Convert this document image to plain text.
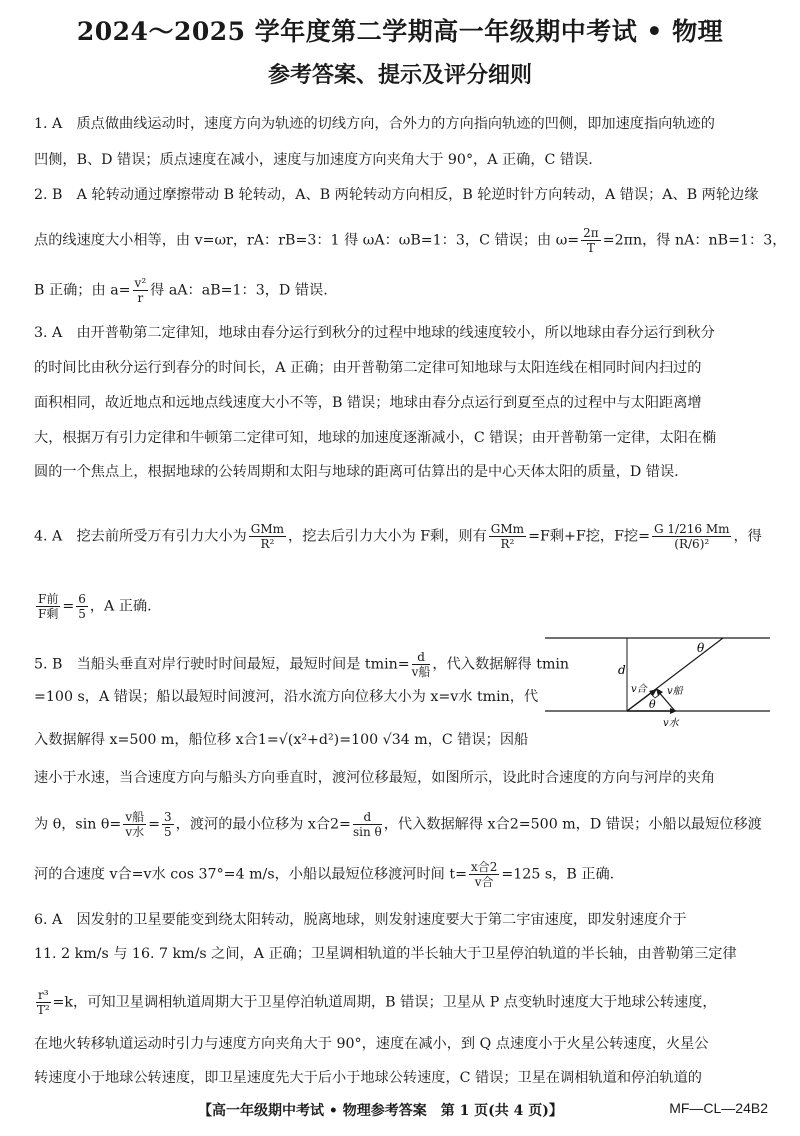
2024～2025 学年度第二学期高一年级期中考试 • 物理
参考答案、提示及评分细则
1. A　质点做曲线运动时，速度方向为轨迹的切线方向，合外力的方向指向轨迹的凹侧，即加速度指向轨迹的
凹侧，B、D 错误；质点速度在减小，速度与加速度方向夹角大于 90°，A 正确，C 错误.
2. B　A 轮转动通过摩擦带动 B 轮转动，A、B 两轮转动方向相反，B 轮逆时针方向转动，A 错误；A、B 两轮边缘
点的线速度大小相等，由 v=ωr，rA：rB=3：1 得 ωA：ωB=1：3，C 错误；由 $\omega= \frac{2\pi}{T} =2\pi n$，得 nA：nB=1：3，
B 正确；由 $a= \frac{\text{v²}}{r}$ 得 aA：aB=1：3，D 错误.
3. A　由开普勒第二定律知，地球由春分运行到秋分的过程中地球的线速度较小，所以地球由春分运行到秋分
的时间比由秋分运行到春分的时间长，A 正确；由开普勒第二定律可知地球与太阳连线在相同时间内扫过的
面积相同，故近地点和远地点线速度大小不等，B 错误；地球由春分点运行到夏至点的过程中与太阳距离增
大，根据万有引力定律和牛顿第二定律可知，地球的加速度逐渐减小，C 错误；由开普勒第一定律，太阳在椭
圆的一个焦点上，根据地球的公转周期和太阳与地球的距离可估算出的是中心天体太阳的质量，D 错误.
4. A　挖去前所受万有引力大小为 $\frac{\text{GMm}}{\text{R²}}$ ，挖去后引力大小为 F剩，则有 $\frac{\text{GMm}}{\text{R²}} =F$剩+F挖，F挖= $\frac{G 1/216 Mm}{\text{(R/6)²}}$ ，得
$\frac{\text{F前}}{\text{F剩}} = \frac{6}{5}$ ，A 正确.
5. B　当船头垂直对岸行驶时时间最短，最短时间是 $tmin= \frac{d}{\text{v船}}$ ，代入数据解得 tmin
=100 s，A 错误；船以最短时间渡河，沿水流方向位移大小为 x=v水 tmin，代
入数据解得 x=500 m，船位移 x合1=√(x²+d²)=100 √34 m，C 错误；因船
速小于水速，当合速度方向与船头方向垂直时，渡河位移最短，如图所示，设此时合速度的方向与河岸的夹角
为 θ，$\sin \theta= \frac{\text{v船}}{\text{v水}} = \frac{3}{5}$ ，渡河的最小位移为 x合$2= \frac{d}{\text{sin θ}}$ ，代入数据解得 x合2=500 m，D 错误；小船以最短位移渡
河的合速度 v合=v水 cos 37°=4 m/s，小船以最短位移渡河时间 $t= \frac{\text{x合2}}{\text{v合}} =125$ s，B 正确.
d
θ
θ
v合 v船
v水
6. A　因发射的卫星要能变到绕太阳转动，脱离地球，则发射速度要大于第二宇宙速度，即发射速度介于
11. 2 km/s 与 16. 7 km/s 之间，A 正确；卫星调相轨道的半长轴大于卫星停泊轨道的半长轴，由普勒第三定律
$\frac{\text{r³}}{\text{T²}} =k$，可知卫星调相轨道周期大于卫星停泊轨道周期，B 错误；卫星从 P 点变轨时速度大于地球公转速度，
在地火转移轨道运动时引力与速度方向夹角大于 90°，速度在减小，到 Q 点速度小于火星公转速度，火星公
转速度小于地球公转速度，即卫星速度先大于后小于地球公转速度，C 错误；卫星在调相轨道和停泊轨道的
【高一年级期中考试 • 物理参考答案　第 1 页(共 4 页)】	MF—CL—24B2
